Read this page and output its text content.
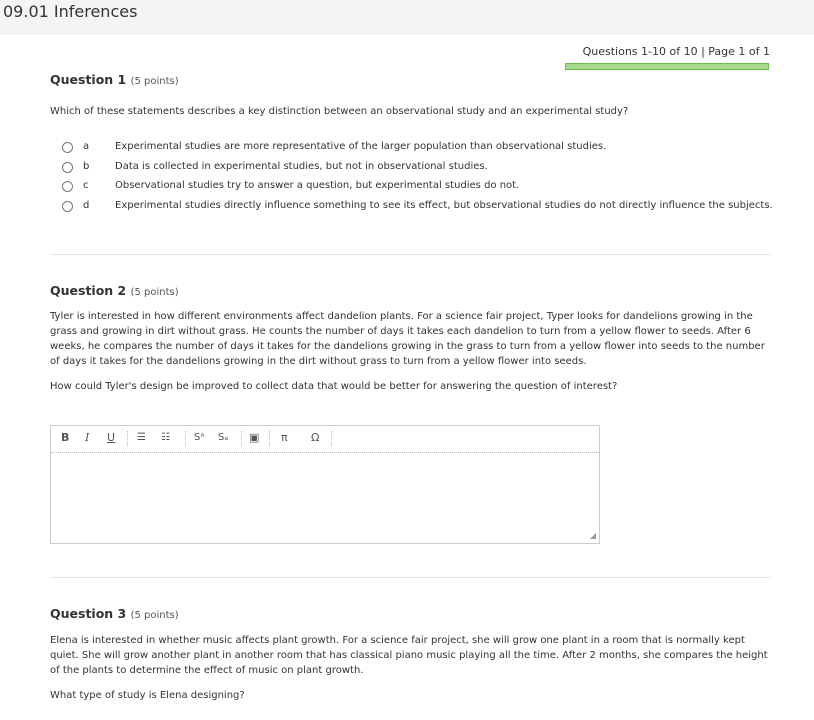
09.01 Inferences
Questions 1-10 of 10 | Page 1 of 1
Question 1 (5 points)
Which of these statements describes a key distinction between an observational study and an experimental study?
a	Experimental studies are more representative of the larger population than observational studies.
b	Data is collected in experimental studies, but not in observational studies.
c	Observational studies try to answer a question, but experimental studies do not.
d	Experimental studies directly influence something to see its effect, but observational studies do not directly influence the subjects.
Question 2 (5 points)
Tyler is interested in how different environments affect dandelion plants. For a science fair project, Typer looks for dandelions growing in the grass and growing in dirt without grass. He counts the number of days it takes each dandelion to turn from a yellow flower to seeds. After 6 weeks, he compares the number of days it takes for the dandelions growing in the grass to turn from a yellow flower into seeds to the number of days it takes for the dandelions growing in the dirt without grass to turn from a yellow flower into seeds.
How could Tyler's design be improved to collect data that would be better for answering the question of interest?
B I U ☰ ☷ Sᵃ Sₐ ▣ π Ω
◢
Question 3 (5 points)
Elena is interested in whether music affects plant growth. For a science fair project, she will grow one plant in a room that is normally kept quiet. She will grow another plant in another room that has classical piano music playing all the time. After 2 months, she compares the height of the plants to determine the effect of music on plant growth.
What type of study is Elena designing?
